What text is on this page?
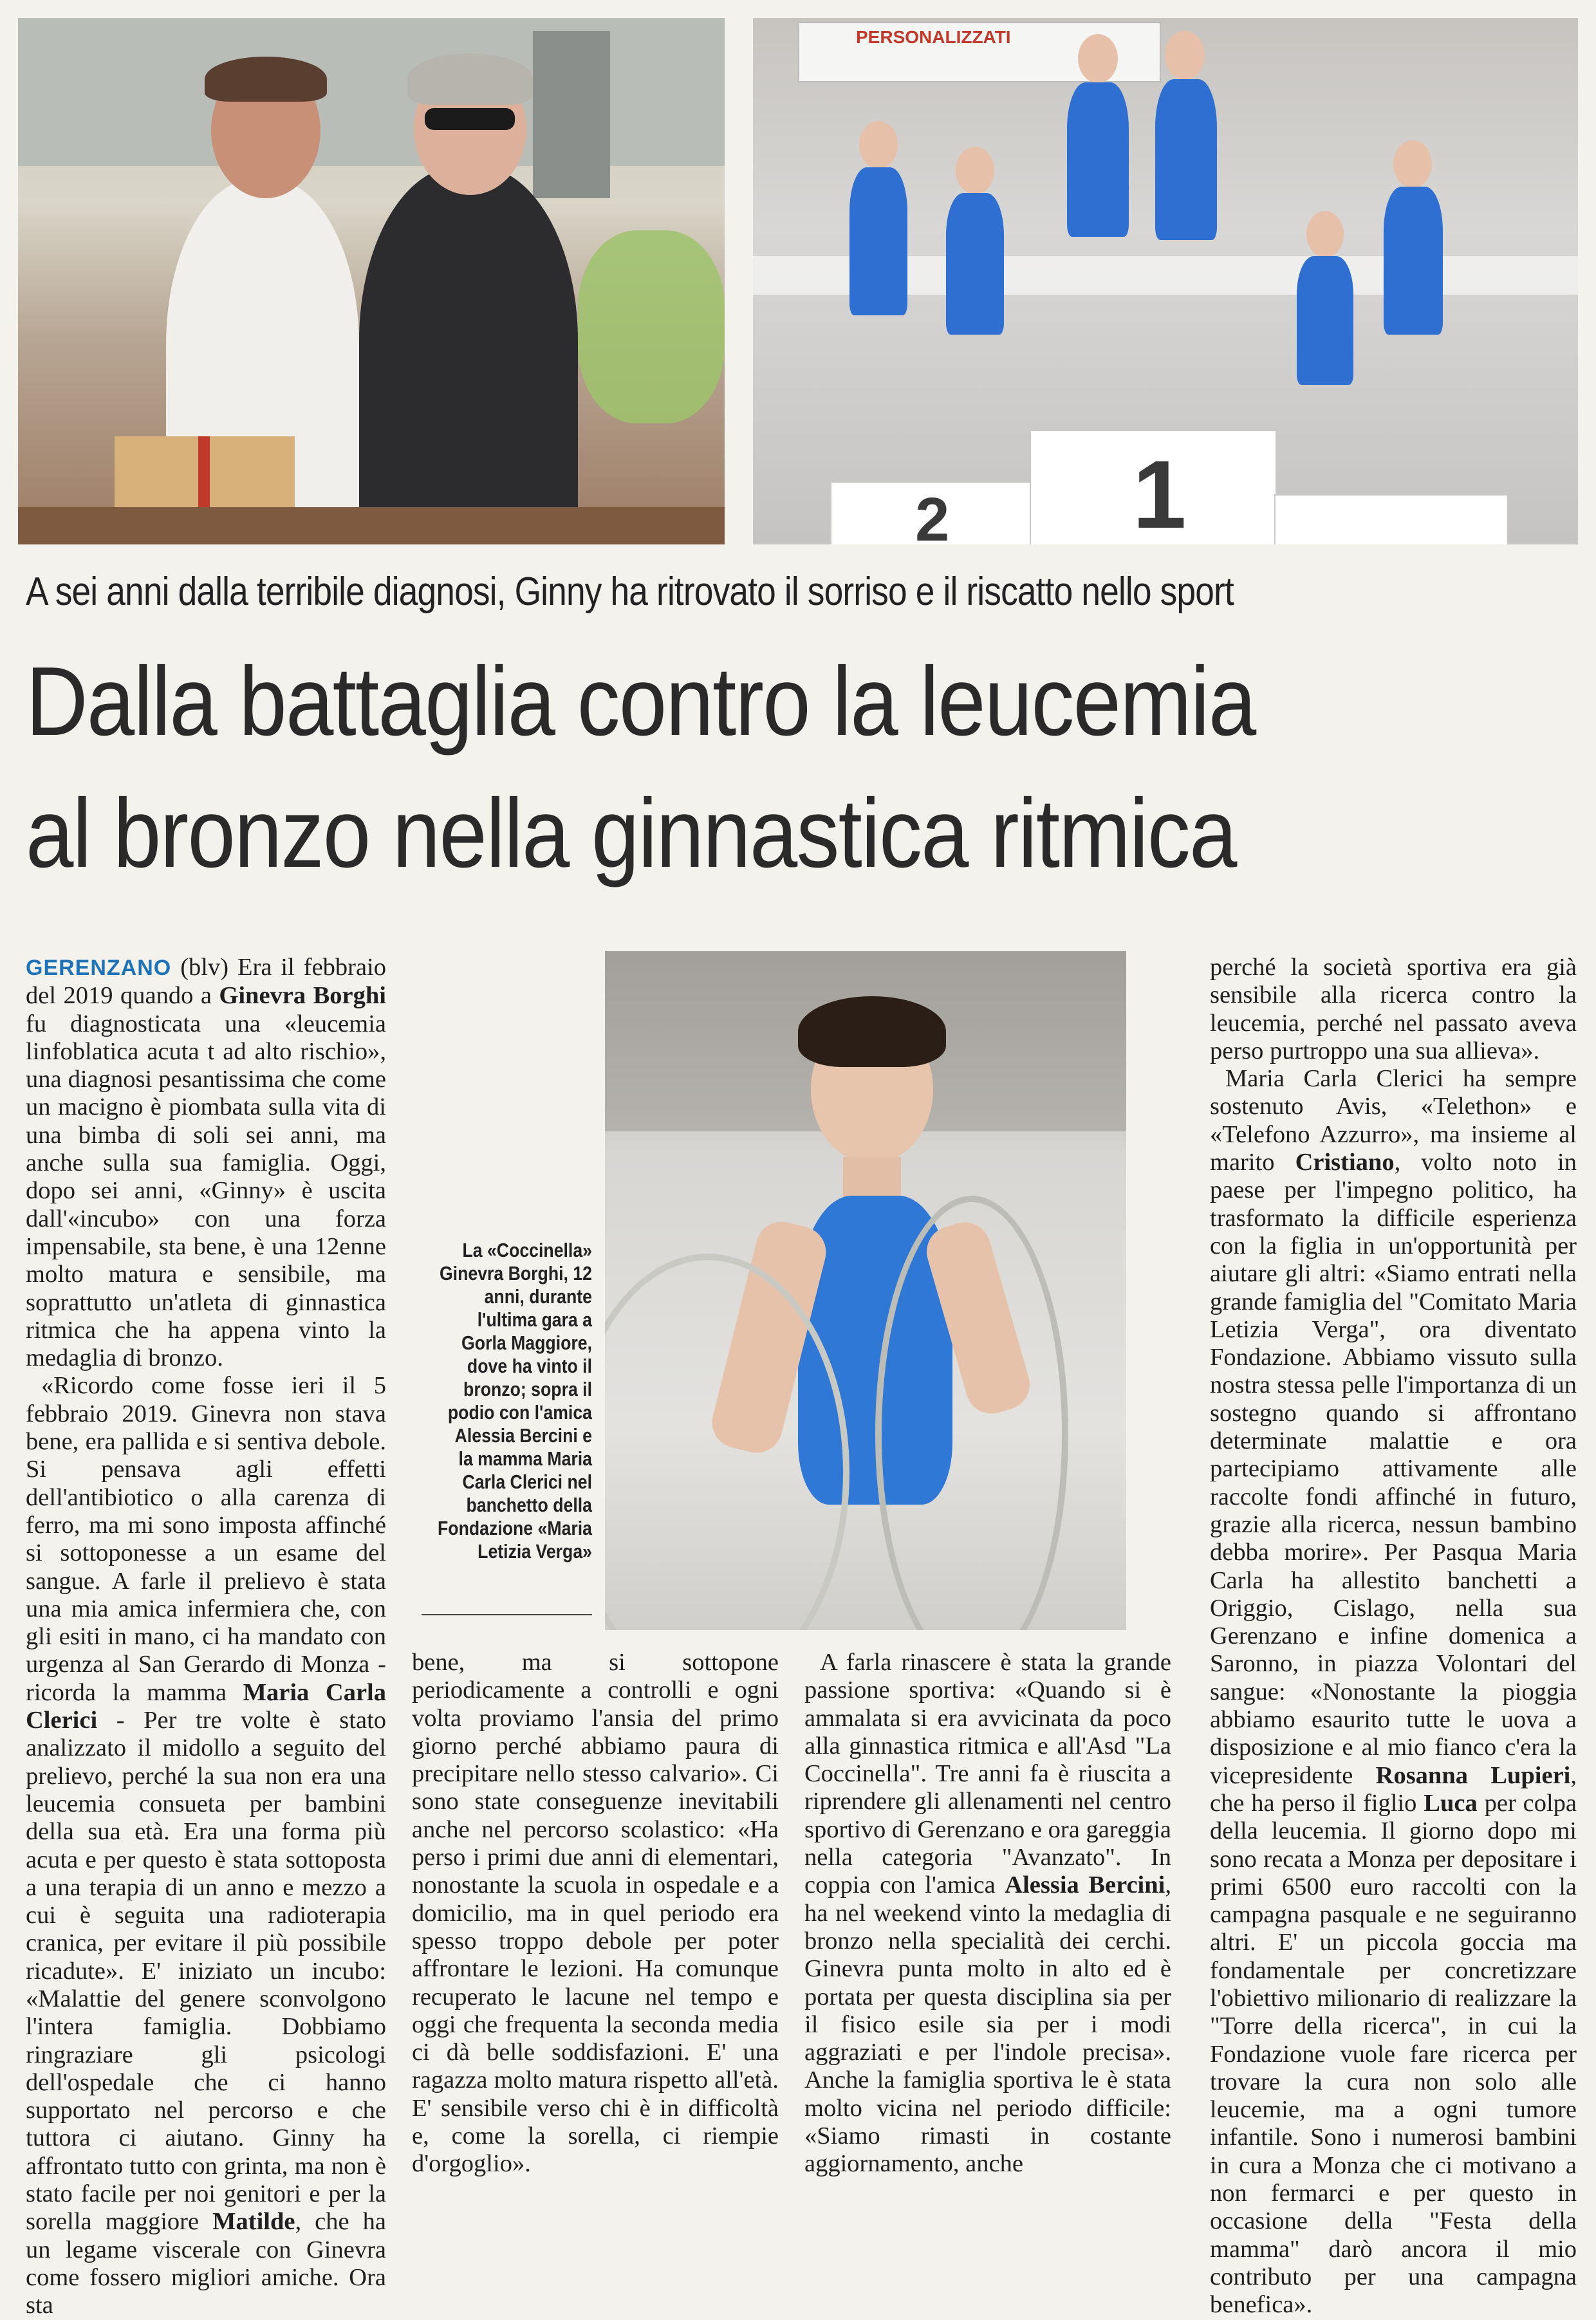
PERSONALIZZATI
2 1
A sei anni dalla terribile diagnosi, Ginny ha ritrovato il sorriso e il riscatto nello sport
Dalla battaglia contro la leucemia
al bronzo nella ginnastica ritmica
La «Coccinella» Ginevra Borghi, 12 anni, durante l'ultima gara a Gorla Maggiore, dove ha vinto il bronzo; sopra il podio con l'amica Alessia Bercini e la mamma Maria Carla Clerici nel banchetto della Fondazione «Maria Letizia Verga»

GERENZANO (blv) Era il febbraio del 2019 quando a Ginevra Borghi fu diagnosticata una «leucemia linfoblatica acuta t ad alto rischio», una diagnosi pesantissima che come un macigno è piombata sulla vita di una bimba di soli sei anni, ma anche sulla sua famiglia. Oggi, dopo sei anni, «Ginny» è uscita dall'«incubo» con una forza impensabile, sta bene, è una 12enne molto matura e sensibile, ma soprattutto un'atleta di ginnastica ritmica che ha appena vinto la medaglia di bronzo.

«Ricordo come fosse ieri il 5 febbraio 2019. Ginevra non stava bene, era pallida e si sentiva debole. Si pensava agli effetti dell'antibiotico o alla carenza di ferro, ma mi sono imposta affinché si sottoponesse a un esame del sangue. A farle il prelievo è stata una mia amica infermiera che, con gli esiti in mano, ci ha mandato con urgenza al San Gerardo di Monza - ricorda la mamma Maria Carla Clerici - Per tre volte è stato analizzato il midollo a seguito del prelievo, perché la sua non era una leucemia consueta per bambini della sua età. Era una forma più acuta e per questo è stata sottoposta a una terapia di un anno e mezzo a cui è seguita una radioterapia cranica, per evitare il più possibile ricadute». E' iniziato un incubo: «Malattie del genere sconvolgono l'intera famiglia. Dobbiamo ringraziare gli psicologi dell'ospedale che ci hanno supportato nel percorso e che tuttora ci aiutano. Ginny ha affrontato tutto con grinta, ma non è stato facile per noi genitori e per la sorella maggiore Matilde, che ha un legame viscerale con Ginevra come fossero migliori amiche. Ora sta

bene, ma si sottopone periodicamente a controlli e ogni volta proviamo l'ansia del primo giorno perché abbiamo paura di precipitare nello stesso calvario». Ci sono state conseguenze inevitabili anche nel percorso scolastico: «Ha perso i primi due anni di elementari, nonostante la scuola in ospedale e a domicilio, ma in quel periodo era spesso troppo debole per poter affrontare le lezioni. Ha comunque recuperato le lacune nel tempo e oggi che frequenta la seconda media ci dà belle soddisfazioni. E' una ragazza molto matura rispetto all'età. E' sensibile verso chi è in difficoltà e, come la sorella, ci riempie d'orgoglio».

A farla rinascere è stata la grande passione sportiva: «Quando si è ammalata si era avvicinata da poco alla ginnastica ritmica e all'Asd "La Coccinella". Tre anni fa è riuscita a riprendere gli allenamenti nel centro sportivo di Gerenzano e ora gareggia nella categoria "Avanzato". In coppia con l'amica Alessia Bercini, ha nel weekend vinto la medaglia di bronzo nella specialità dei cerchi. Ginevra punta molto in alto ed è portata per questa disciplina sia per il fisico esile sia per i modi aggraziati e per l'indole precisa». Anche la famiglia sportiva le è stata molto vicina nel periodo difficile: «Siamo rimasti in costante aggiornamento, anche

perché la società sportiva era già sensibile alla ricerca contro la leucemia, perché nel passato aveva perso purtroppo una sua allieva».

Maria Carla Clerici ha sempre sostenuto Avis, «Telethon» e «Telefono Azzurro», ma insieme al marito Cristiano, volto noto in paese per l'impegno politico, ha trasformato la difficile esperienza con la figlia in un'opportunità per aiutare gli altri: «Siamo entrati nella grande famiglia del "Comitato Maria Letizia Verga", ora diventato Fondazione. Abbiamo vissuto sulla nostra stessa pelle l'importanza di un sostegno quando si affrontano determinate malattie e ora partecipiamo attivamente alle raccolte fondi affinché in futuro, grazie alla ricerca, nessun bambino debba morire». Per Pasqua Maria Carla ha allestito banchetti a Origgio, Cislago, nella sua Gerenzano e infine domenica a Saronno, in piazza Volontari del sangue: «Nonostante la pioggia abbiamo esaurito tutte le uova a disposizione e al mio fianco c'era la vicepresidente Rosanna Lupieri, che ha perso il figlio Luca per colpa della leucemia. Il giorno dopo mi sono recata a Monza per depositare i primi 6500 euro raccolti con la campagna pasquale e ne seguiranno altri. E' un piccola goccia ma fondamentale per concretizzare l'obiettivo milionario di realizzare la "Torre della ricerca", in cui la Fondazione vuole fare ricerca per trovare la cura non solo alle leucemie, ma a ogni tumore infantile. Sono i numerosi bambini in cura a Monza che ci motivano a non fermarci e per questo in occasione della "Festa della mamma" darò ancora il mio contributo per una campagna benefica».
